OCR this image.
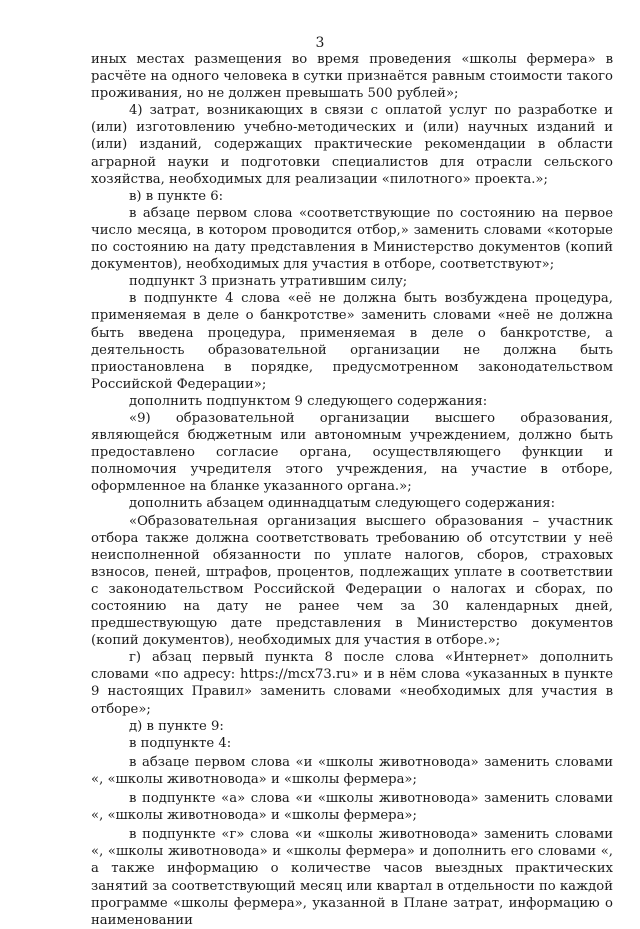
3

иных местах размещения во время проведения «школы фермера» в расчёте на одного человека в сутки признаётся равным стоимости такого проживания, но не должен превышать 500 рублей»;

4) затрат, возникающих в связи с оплатой услуг по разработке и (или) изготовлению учебно-методических и (или) научных изданий и (или) изданий, содержащих практические рекомендации в области аграрной науки и подготовки специалистов для отрасли сельского хозяйства, необходимых для реализации «пилотного» проекта.»;

в) в пункте 6:

в абзаце первом слова «соответствующие по состоянию на первое число месяца, в котором проводится отбор,» заменить словами «которые по состоянию на дату представления в Министерство документов (копий документов), необходимых для участия в отборе, соответствуют»;

подпункт 3 признать утратившим силу;

в подпункте 4 слова «её не должна быть возбуждена процедура, применяемая в деле о банкротстве» заменить словами «неё не должна быть введена процедура, применяемая в деле о банкротстве, а деятельность образовательной организации не должна быть приостановлена в порядке, предусмотренном законодательством Российской Федерации»;

дополнить подпунктом 9 следующего содержания:

«9) образовательной организации высшего образования, являющейся бюджетным или автономным учреждением, должно быть предоставлено согласие органа, осуществляющего функции и полномочия учредителя этого учреждения, на участие в отборе, оформленное на бланке указанного органа.»;

дополнить абзацем одиннадцатым следующего содержания:

«Образовательная организация высшего образования – участник отбора также должна соответствовать требованию об отсутствии у неё неисполненной обязанности по уплате налогов, сборов, страховых взносов, пеней, штрафов, процентов, подлежащих уплате в соответствии с законодательством Российской Федерации о налогах и сборах, по состоянию на дату не ранее чем за 30 календарных дней, предшествующую дате представления в Министерство документов (копий документов), необходимых для участия в отборе.»;

г) абзац первый пункта 8 после слова «Интернет» дополнить словами «по адресу: https://mcx73.ru» и в нём слова «указанных в пункте 9 настоящих Правил» заменить словами «необходимых для участия в отборе»;

д) в пункте 9:

в подпункте 4:

в абзаце первом слова «и «школы животновода» заменить словами «, «школы животновода» и «школы фермера»;

в подпункте «а» слова «и «школы животновода» заменить словами «, «школы животновода» и «школы фермера»;

в подпункте «г» слова «и «школы животновода» заменить словами «, «школы животновода» и «школы фермера» и дополнить его словами «, а также информацию о количестве часов выездных практических занятий за соответствующий месяц или квартал в отдельности по каждой программе «школы фермера», указанной в Плане затрат, информацию о наименовании
